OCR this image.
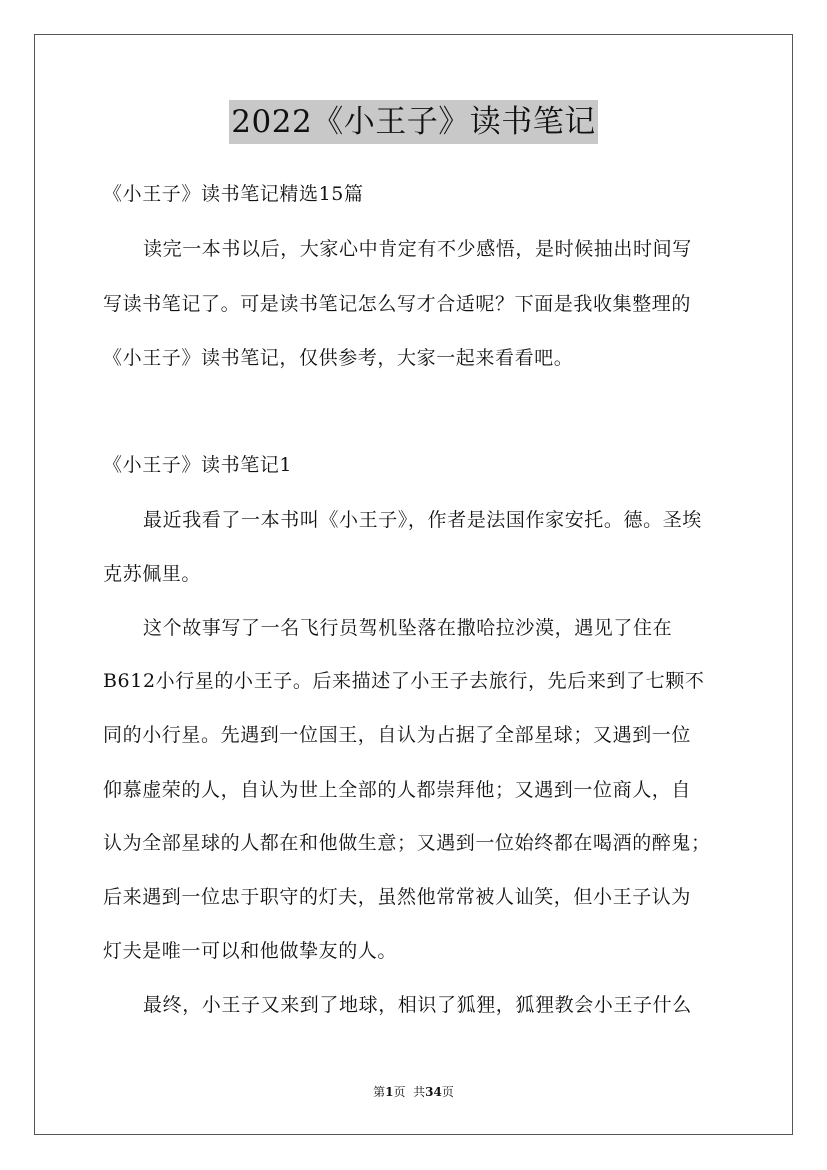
2022《小王子》读书笔记
《小王子》读书笔记精选15篇
读完一本书以后，大家心中肯定有不少感悟，是时候抽出时间写
写读书笔记了。可是读书笔记怎么写才合适呢？下面是我收集整理的
《小王子》读书笔记，仅供参考，大家一起来看看吧。
《小王子》读书笔记1
最近我看了一本书叫《小王子》，作者是法国作家安托。德。圣埃
克苏佩里。
这个故事写了一名飞行员驾机坠落在撒哈拉沙漠，遇见了住在
B612小行星的小王子。后来描述了小王子去旅行，先后来到了七颗不
同的小行星。先遇到一位国王，自认为占据了全部星球；又遇到一位
仰慕虚荣的人，自认为世上全部的人都崇拜他；又遇到一位商人，自
认为全部星球的人都在和他做生意；又遇到一位始终都在喝酒的醉鬼；
后来遇到一位忠于职守的灯夫，虽然他常常被人讪笑，但小王子认为
灯夫是唯一可以和他做挚友的人。
最终，小王子又来到了地球，相识了狐狸，狐狸教会小王子什么
第1页  共34页
